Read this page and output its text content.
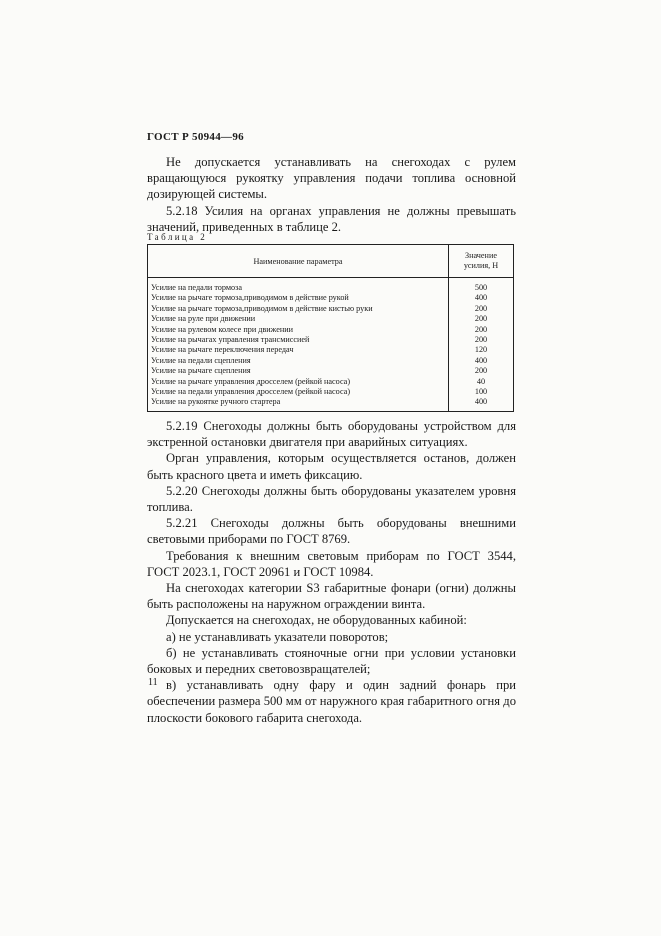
ГОСТ Р 50944—96

Не допускается устанавливать на снегоходах с рулем вращающуюся рукоятку управления подачи топлива основной дозирующей системы.

5.2.18 Усилия на органах управления не должны превышать значений, приведенных в таблице 2.

Таблица 2
Наименование параметра	Значение
усилия, Н
Усилие на педали тормоза	500
Усилие на рычаге тормоза,приводимом в действие рукой	400
Усилие на рычаге тормоза,приводимом в действие кистью руки	200
Усилие на руле при движении	200
Усилие на рулевом колесе при движении	200
Усилие на рычагах управления трансмиссией	200
Усилие на рычаге переключения передач	120
Усилие на педали сцепления	400
Усилие на рычаге сцепления	200
Усилие на рычаге управления дросселем (рейкой насоса)	40
Усилие на педали управления дросселем (рейкой насоса)	100
Усилие на рукоятке ручного стартера	400

5.2.19 Снегоходы должны быть оборудованы устройством для экстренной остановки двигателя при аварийных ситуациях.

Орган управления, которым осуществляется останов, должен быть красного цвета и иметь фиксацию.

5.2.20 Снегоходы должны быть оборудованы указателем уровня топлива.

5.2.21 Снегоходы должны быть оборудованы внешними световыми приборами по ГОСТ 8769.

Требования к внешним световым приборам по ГОСТ 3544, ГОСТ 2023.1, ГОСТ 20961 и ГОСТ 10984.

На снегоходах категории S3 габаритные фонари (огни) должны быть расположены на наружном ограждении винта.

Допускается на снегоходах, не оборудованных кабиной:

а) не устанавливать указатели поворотов;

б) не устанавливать стояночные огни при условии установки боковых и передних световозвращателей;

в) устанавливать одну фару и один задний фонарь при обеспечении размера 500 мм от наружного края габаритного огня до плоскости бокового габарита снегохода.

11
